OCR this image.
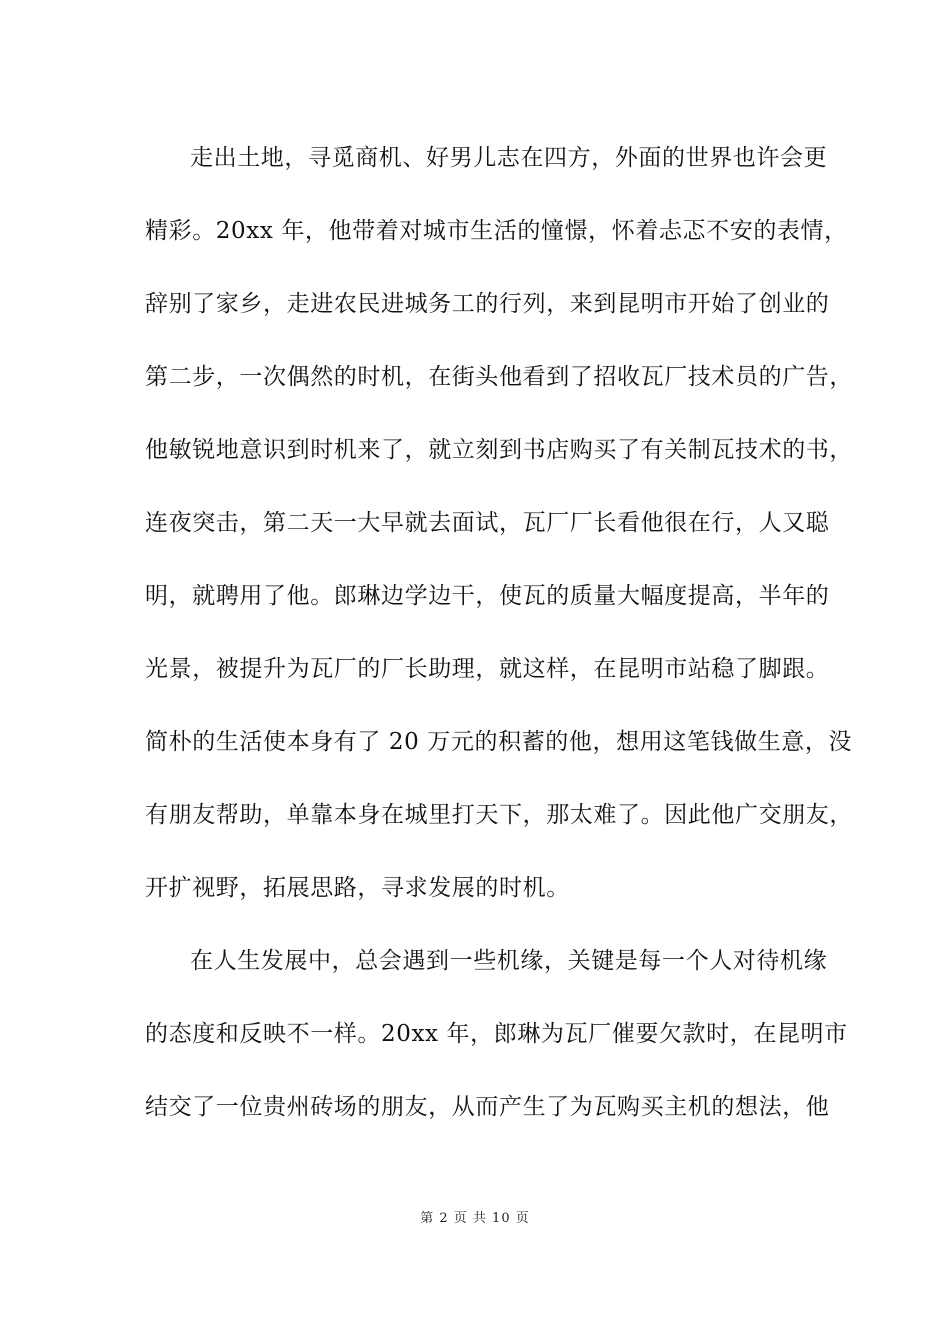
走出土地，寻觅商机、好男儿志在四方，外面的世界也许会更
精彩。20xx 年，他带着对城市生活的憧憬，怀着忐忑不安的表情，
辞别了家乡，走进农民进城务工的行列，来到昆明市开始了创业的
第二步，一次偶然的时机，在街头他看到了招收瓦厂技术员的广告，
他敏锐地意识到时机来了，就立刻到书店购买了有关制瓦技术的书，
连夜突击，第二天一大早就去面试，瓦厂厂长看他很在行，人又聪
明，就聘用了他。郎琳边学边干，使瓦的质量大幅度提高，半年的
光景，被提升为瓦厂的厂长助理，就这样，在昆明市站稳了脚跟。
简朴的生活使本身有了 20 万元的积蓄的他，想用这笔钱做生意，没
有朋友帮助，单靠本身在城里打天下，那太难了。因此他广交朋友，
开扩视野，拓展思路，寻求发展的时机。
在人生发展中，总会遇到一些机缘，关键是每一个人对待机缘
的态度和反映不一样。20xx 年，郎琳为瓦厂催要欠款时，在昆明市
结交了一位贵州砖场的朋友，从而产生了为瓦购买主机的想法，他
第 2 页 共 10 页
